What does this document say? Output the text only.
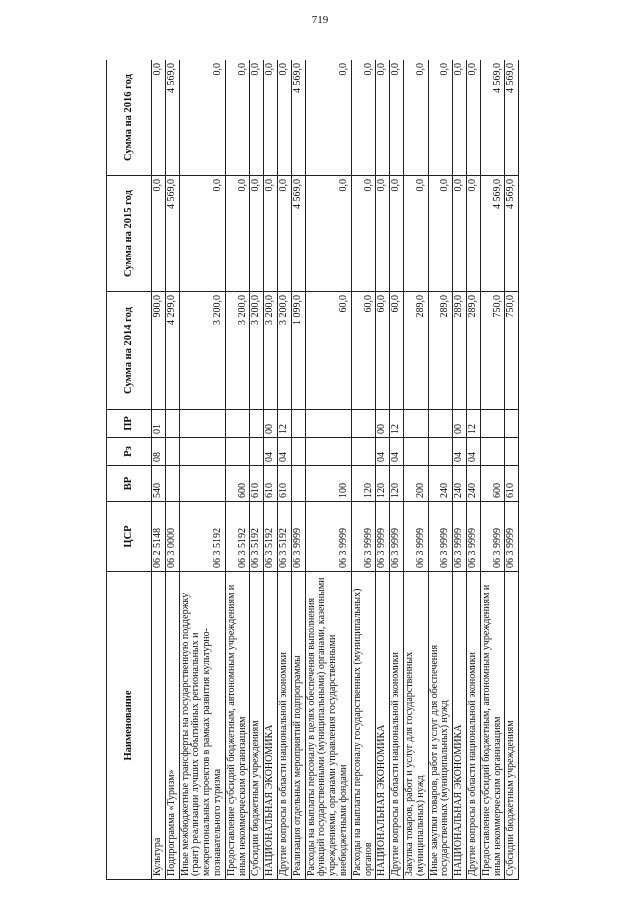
719
Наименование	ЦСР	ВР	Рз	ПР	Сумма на 2014 год	Сумма на 2015 год	Сумма на 2016 год
Культура	06 2 5148	540	08	01	900,0	0,0	0,0
Подпрограмма «Туризм»	06 3 0000				4 299,0	4 569,0	4 569,0
Иные межбюджетные трансферты на государственную поддержку (грант) реализации лучших событийных региональных и межрегиональных проектов в рамках развития культурно-познавательного туризма	06 3 5192				3 200,0	0,0	0,0
Предоставление субсидий бюджетным, автономным учреждениям и иным некоммерческим организациям	06 3 5192	600			3 200,0	0,0	0,0
Субсидии бюджетным учреждениям	06 3 5192	610			3 200,0	0,0	0,0
НАЦИОНАЛЬНАЯ ЭКОНОМИКА	06 3 5192	610	04	00	3 200,0	0,0	0,0
Другие вопросы в области национальной экономики	06 3 5192	610	04	12	3 200,0	0,0	0,0
Реализация отдельных мероприятий подпрограммы	06 3 9999				1 099,0	4 569,0	4 569,0
Расходы на выплаты персоналу в целях обеспечения выполнения функций государственными (муниципальными) органами, казенными учреждениями, органами управления государственными внебюджетными фондами	06 3 9999	100			60,0	0,0	0,0
Расходы на выплаты персоналу государственных (муниципальных) органов	06 3 9999	120			60,0	0,0	0,0
НАЦИОНАЛЬНАЯ ЭКОНОМИКА	06 3 9999	120	04	00	60,0	0,0	0,0
Другие вопросы в области национальной экономики	06 3 9999	120	04	12	60,0	0,0	0,0
Закупка товаров, работ и услуг для государственных (муниципальных) нужд	06 3 9999	200			289,0	0,0	0,0
Иные закупки товаров, работ и услуг для обеспечения государственных (муниципальных) нужд	06 3 9999	240			289,0	0,0	0,0
НАЦИОНАЛЬНАЯ ЭКОНОМИКА	06 3 9999	240	04	00	289,0	0,0	0,0
Другие вопросы в области национальной экономики	06 3 9999	240	04	12	289,0	0,0	0,0
Предоставление субсидий бюджетным, автономным учреждениям и иным некоммерческим организациям	06 3 9999	600			750,0	4 569,0	4 569,0
Субсидии бюджетным учреждениям	06 3 9999	610			750,0	4 569,0	4 569,0
